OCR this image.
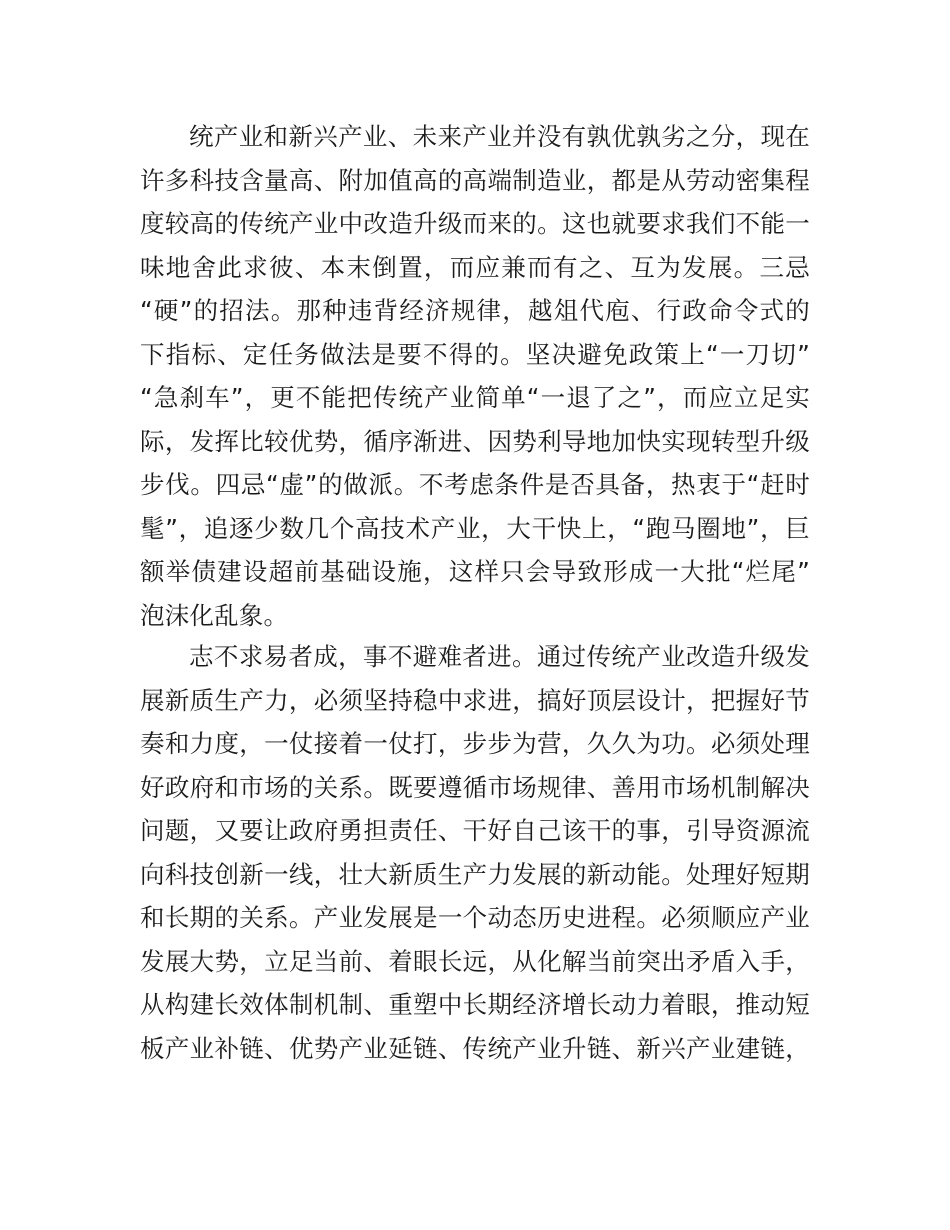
统产业和新兴产业、未来产业并没有孰优孰劣之分，现在
许多科技含量高、附加值高的高端制造业，都是从劳动密集程
度较高的传统产业中改造升级而来的。这也就要求我们不能一
味地舍此求彼、本末倒置，而应兼而有之、互为发展。三忌
“硬”的招法。那种违背经济规律，越俎代庖、行政命令式的
下指标、定任务做法是要不得的。坚决避免政策上“一刀切”
“急刹车”，更不能把传统产业简单“一退了之”，而应立足实
际，发挥比较优势，循序渐进、因势利导地加快实现转型升级
步伐。四忌“虚”的做派。不考虑条件是否具备，热衷于“赶时
髦”，追逐少数几个高技术产业，大干快上，“跑马圈地”，巨
额举债建设超前基础设施，这样只会导致形成一大批“烂尾”
泡沫化乱象。
志不求易者成，事不避难者进。通过传统产业改造升级发
展新质生产力，必须坚持稳中求进，搞好顶层设计，把握好节
奏和力度，一仗接着一仗打，步步为营，久久为功。必须处理
好政府和市场的关系。既要遵循市场规律、善用市场机制解决
问题，又要让政府勇担责任、干好自己该干的事，引导资源流
向科技创新一线，壮大新质生产力发展的新动能。处理好短期
和长期的关系。产业发展是一个动态历史进程。必须顺应产业
发展大势，立足当前、着眼长远，从化解当前突出矛盾入手，
从构建长效体制机制、重塑中长期经济增长动力着眼，推动短
板产业补链、优势产业延链、传统产业升链、新兴产业建链，
